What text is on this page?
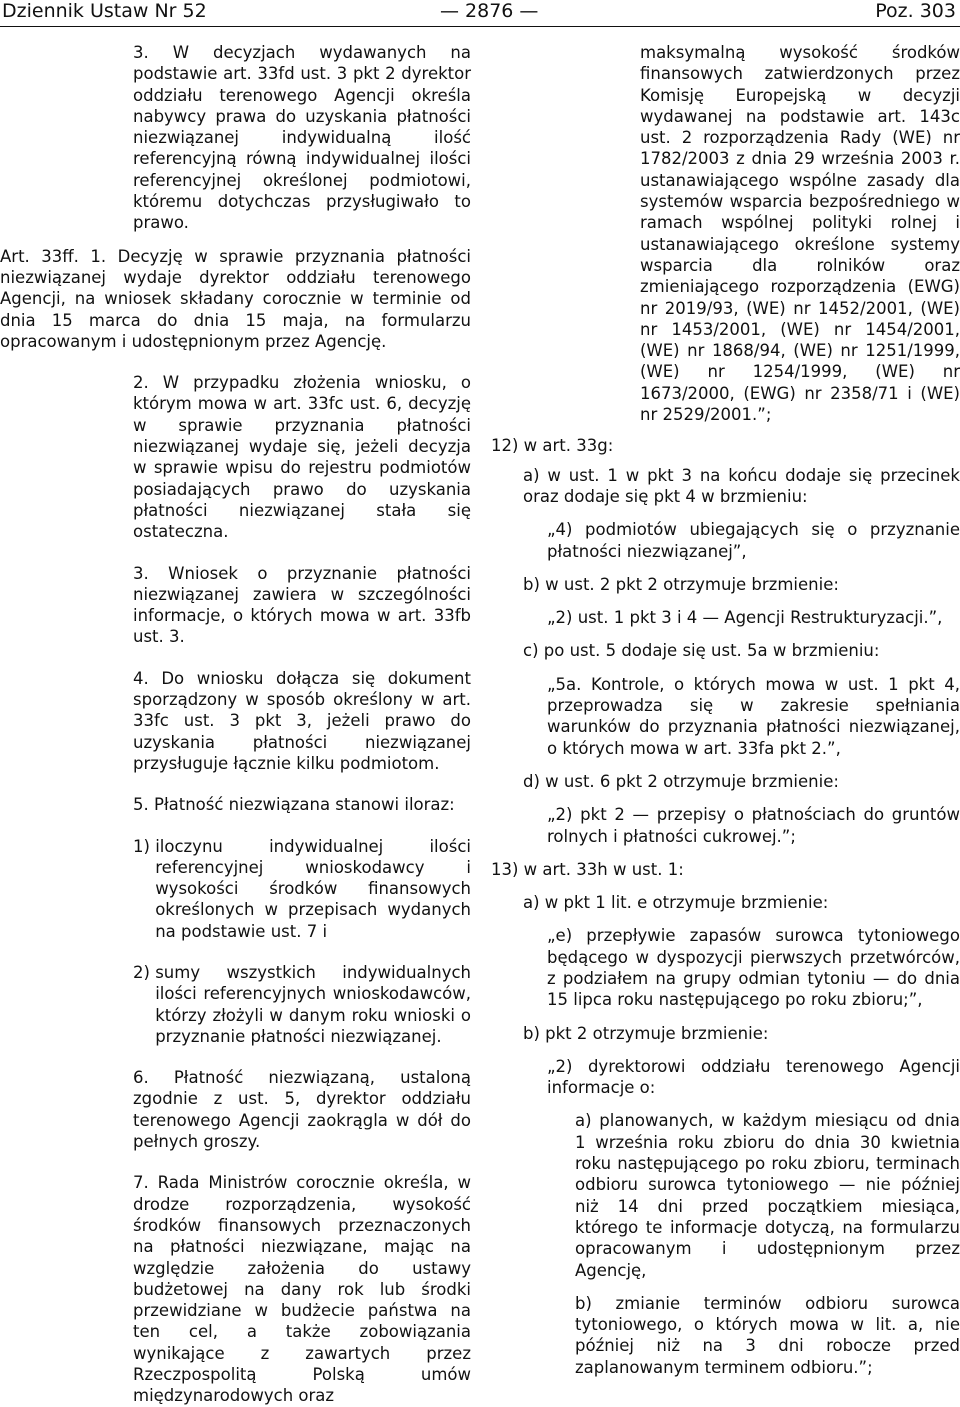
Dziennik Ustaw Nr 52	— 2876 —	Poz. 303

3. W decyzjach wydawanych na podstawie art. 33fd ust. 3 pkt 2 dyrektor oddziału terenowego Agencji określa nabywcy prawa do uzyskania płatności niezwiązanej indywidualną ilość referencyjną równą indywidualnej ilości referencyjnej określonej podmiotowi, któremu dotychczas przysługiwało to prawo.

Art. 33ff. 1. Decyzję w sprawie przyznania płatności niezwiązanej wydaje dyrektor oddziału terenowego Agencji, na wniosek składany corocznie w terminie od dnia 15 marca do dnia 15 maja, na formularzu opracowanym i udostępnionym przez Agencję.

2. W przypadku złożenia wniosku, o którym mowa w art. 33fc ust. 6, decyzję w sprawie przyznania płatności niezwiązanej wydaje się, jeżeli decyzja w sprawie wpisu do rejestru podmiotów posiadających prawo do uzyskania płatności niezwiązanej stała się ostateczna.

3. Wniosek o przyznanie płatności niezwiązanej zawiera w szczególności informacje, o których mowa w art. 33fb ust. 3.

4. Do wniosku dołącza się dokument sporządzony w sposób określony w art. 33fc ust. 3 pkt 3, jeżeli prawo do uzyskania płatności niezwiązanej przysługuje łącznie kilku podmiotom.

5. Płatność niezwiązana stanowi iloraz:

1) iloczynu indywidualnej ilości referencyjnej wnioskodawcy i wysokości środków finansowych określonych w przepisach wydanych na podstawie ust. 7 i
2) sumy wszystkich indywidualnych ilości referencyjnych wnioskodawców, którzy złożyli w danym roku wnioski o przyznanie płatności niezwiązanej.

6. Płatność niezwiązaną, ustaloną zgodnie z ust. 5, dyrektor oddziału terenowego Agencji zaokrągla w dół do pełnych groszy.

7. Rada Ministrów corocznie określa, w drodze rozporządzenia, wysokość środków finansowych przeznaczonych na płatności niezwiązane, mając na względzie założenia do ustawy budżetowej na dany rok lub środki przewidziane w budżecie państwa na ten cel, a także zobowiązania wynikające z zawartych przez Rzeczpospolitą Polską umów międzynarodowych oraz

maksymalną wysokość środków finansowych zatwierdzonych przez Komisję Europejską w decyzji wydawanej na podstawie art. 143c ust. 2 rozporządzenia Rady (WE) nr 1782/2003 z dnia 29 września 2003 r. ustanawiającego wspólne zasady dla systemów wsparcia bezpośredniego w ramach wspólnej polityki rolnej i ustanawiającego określone systemy wsparcia dla rolników oraz zmieniającego rozporządzenia (EWG) nr 2019/93, (WE) nr 1452/2001, (WE) nr 1453/2001, (WE) nr 1454/2001, (WE) nr 1868/94, (WE) nr 1251/1999, (WE) nr 1254/1999, (WE) nr 1673/2000, (EWG) nr 2358/71 i (WE) nr 2529/2001.”;

12) w art. 33g:

a) w ust. 1 w pkt 3 na końcu dodaje się przecinek oraz dodaje się pkt 4 w brzmieniu:

„4) podmiotów ubiegających się o przyznanie płatności niezwiązanej”,

b) w ust. 2 pkt 2 otrzymuje brzmienie:

„2) ust. 1 pkt 3 i 4 — Agencji Restrukturyzacji.”,

c) po ust. 5 dodaje się ust. 5a w brzmieniu:

„5a. Kontrole, o których mowa w ust. 1 pkt 4, przeprowadza się w zakresie spełniania warunków do przyznania płatności niezwiązanej, o których mowa w art. 33fa pkt 2.”,

d) w ust. 6 pkt 2 otrzymuje brzmienie:

„2) pkt 2 — przepisy o płatnościach do gruntów rolnych i płatności cukrowej.”;

13) w art. 33h w ust. 1:

a) w pkt 1 lit. e otrzymuje brzmienie:

„e) przepływie zapasów surowca tytoniowego będącego w dyspozycji pierwszych przetwórców, z podziałem na grupy odmian tytoniu — do dnia 15 lipca roku następującego po roku zbioru;”,

b) pkt 2 otrzymuje brzmienie:

„2) dyrektorowi oddziału terenowego Agencji informacje o:

a) planowanych, w każdym miesiącu od dnia 1 września roku zbioru do dnia 30 kwietnia roku następującego po roku zbioru, terminach odbioru surowca tytoniowego — nie później niż 14 dni przed początkiem miesiąca, którego te informacje dotyczą, na formularzu opracowanym i udostępnionym przez Agencję,

b) zmianie terminów odbioru surowca tytoniowego, o których mowa w lit. a, nie później niż na 3 dni robocze przed zaplanowanym terminem odbioru.”;
